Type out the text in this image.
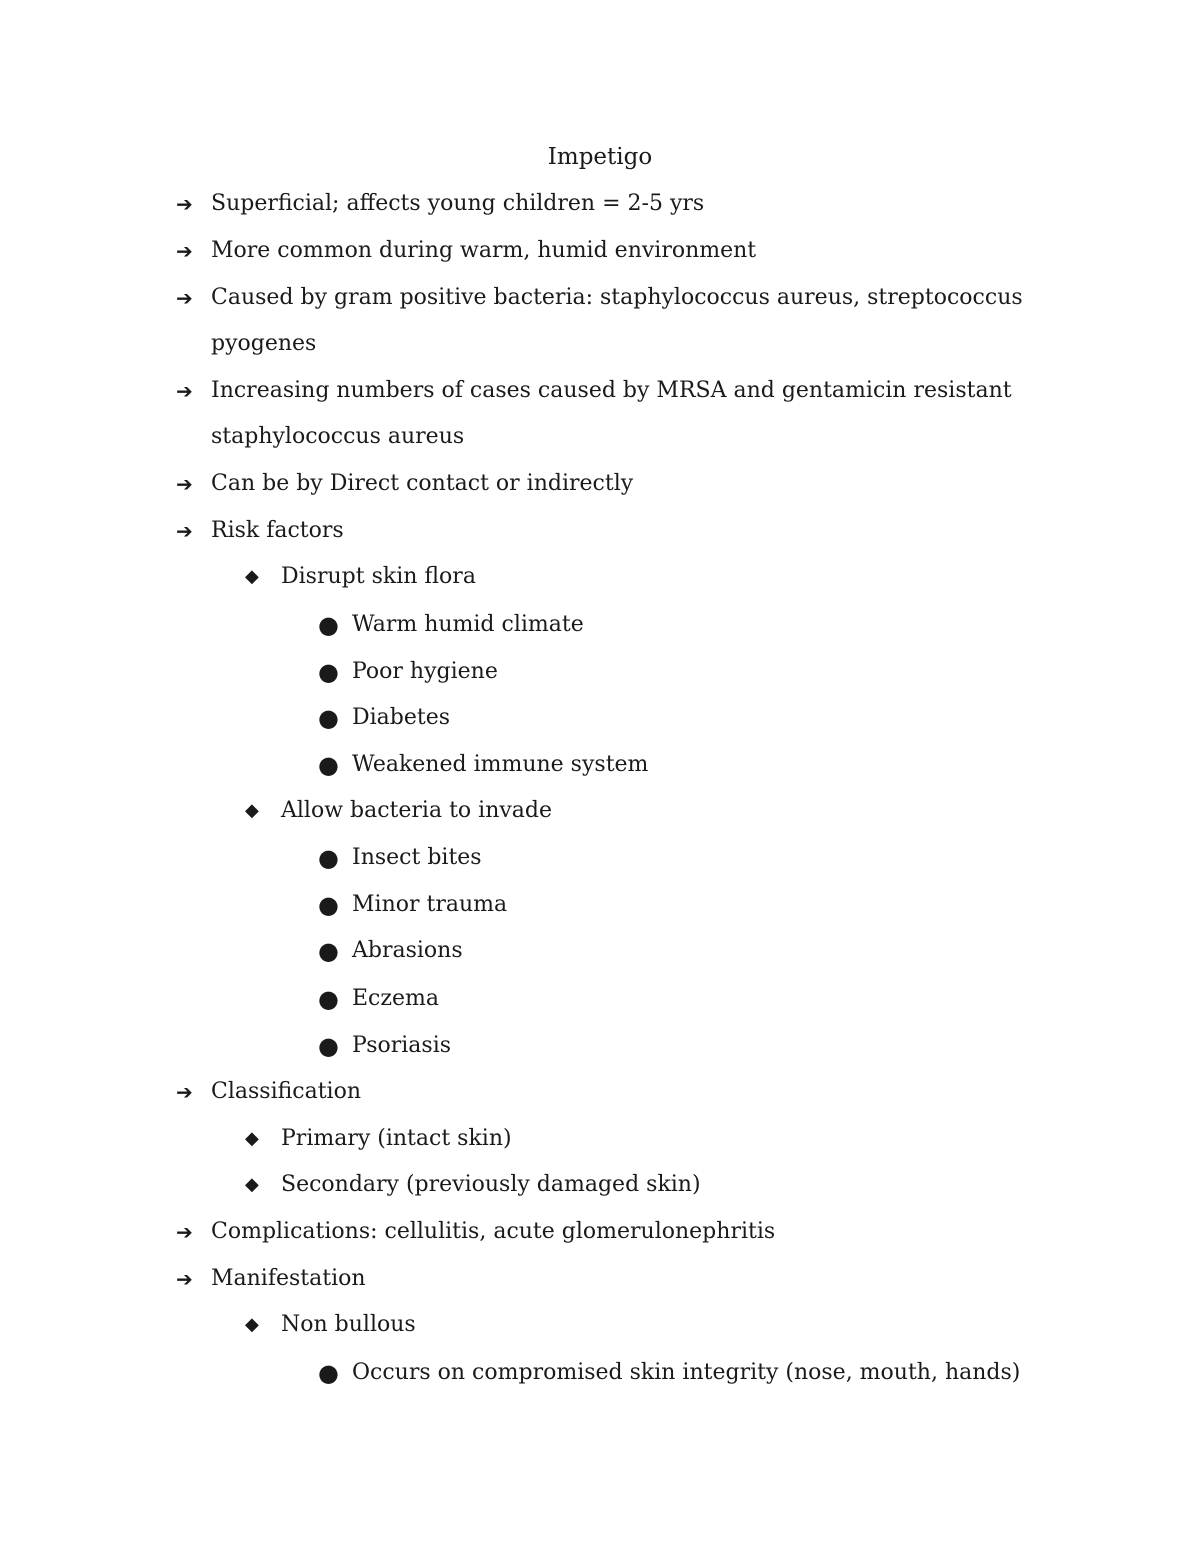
Impetigo
➔ Superficial; affects young children = 2-5 yrs
➔ More common during warm, humid environment
➔ Caused by gram positive bacteria: staphylococcus aureus, streptococcus
pyogenes
➔ Increasing numbers of cases caused by MRSA and gentamicin resistant
staphylococcus aureus
➔ Can be by Direct contact or indirectly
➔ Risk factors
◆ Disrupt skin flora
● Warm humid climate
● Poor hygiene
● Diabetes
● Weakened immune system
◆ Allow bacteria to invade
● Insect bites
● Minor trauma
● Abrasions
● Eczema
● Psoriasis
➔ Classification
◆ Primary (intact skin)
◆ Secondary (previously damaged skin)
➔ Complications: cellulitis, acute glomerulonephritis
➔ Manifestation
◆ Non bullous
● Occurs on compromised skin integrity (nose, mouth, hands)
